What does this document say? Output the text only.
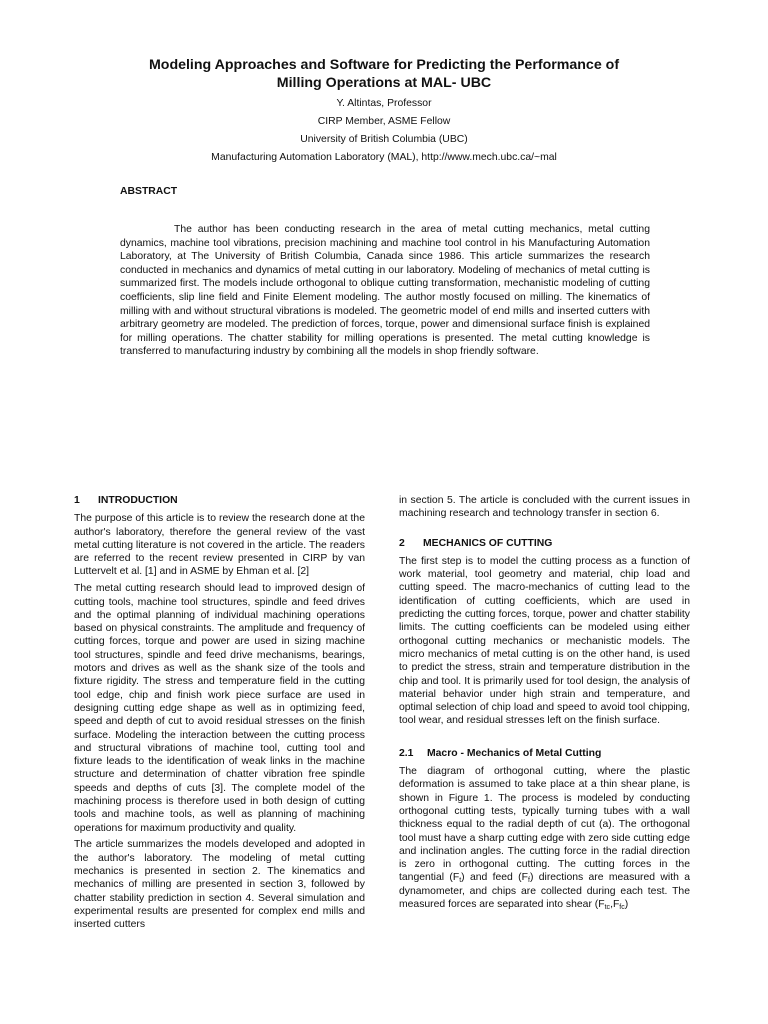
Modeling Approaches and Software for Predicting the Performance of
Milling Operations at MAL- UBC

Y. Altintas, Professor

CIRP Member, ASME Fellow

University of British Columbia (UBC)

Manufacturing Automation Laboratory (MAL), http://www.mech.ubc.ca/~mal

ABSTRACT

The author has been conducting research in the area of metal cutting mechanics, metal cutting dynamics, machine tool vibrations, precision machining and machine tool control in his Manufacturing Automation Laboratory, at The University of British Columbia, Canada since 1986. This article summarizes the research conducted in mechanics and dynamics of metal cutting in our laboratory. Modeling of mechanics of metal cutting is summarized first. The models include orthogonal to oblique cutting transformation, mechanistic modeling of cutting coefficients, slip line field and Finite Element modeling. The author mostly focused on milling. The kinematics of milling with and without structural vibrations is modeled. The geometric model of end mills and inserted cutters with arbitrary geometry are modeled. The prediction of forces, torque, power and dimensional surface finish is explained for milling operations. The chatter stability for milling operations is presented. The metal cutting knowledge is transferred to manufacturing industry by combining all the models in shop friendly software.

1 INTRODUCTION

The purpose of this article is to review the research done at the author's laboratory, therefore the general review of the vast metal cutting literature is not covered in the article. The readers are referred to the recent review presented in CIRP by van Luttervelt et al. [1] and in ASME by Ehman et al. [2]

The metal cutting research should lead to improved design of cutting tools, machine tool structures, spindle and feed drives and the optimal planning of individual machining operations based on physical constraints. The amplitude and frequency of cutting forces, torque and power are used in sizing machine tool structures, spindle and feed drive mechanisms, bearings, motors and drives as well as the shank size of the tools and fixture rigidity. The stress and temperature field in the cutting tool edge, chip and finish work piece surface are used in designing cutting edge shape as well as in optimizing feed, speed and depth of cut to avoid residual stresses on the finish surface. Modeling the interaction between the cutting process and structural vibrations of machine tool, cutting tool and fixture leads to the identification of weak links in the machine structure and determination of chatter vibration free spindle speeds and depths of cuts [3]. The complete model of the machining process is therefore used in both design of cutting tools and machine tools, as well as planning of machining operations for maximum productivity and quality.

The article summarizes the models developed and adopted in the author's laboratory. The modeling of metal cutting mechanics is presented in section 2. The kinematics and mechanics of milling are presented in section 3, followed by chatter stability prediction in section 4. Several simulation and experimental results are presented for complex end mills and inserted cutters

in section 5. The article is concluded with the current issues in machining research and technology transfer in section 6.

2 MECHANICS OF CUTTING

The first step is to model the cutting process as a function of work material, tool geometry and material, chip load and cutting speed. The macro-mechanics of cutting lead to the identification of cutting coefficients, which are used in predicting the cutting forces, torque, power and chatter stability limits. The cutting coefficients can be modeled using either orthogonal cutting mechanics or mechanistic models. The micro mechanics of metal cutting is on the other hand, is used to predict the stress, strain and temperature distribution in the chip and tool. It is primarily used for tool design, the analysis of material behavior under high strain and temperature, and optimal selection of chip load and speed to avoid tool chipping, tool wear, and residual stresses left on the finish surface.

2.1 Macro - Mechanics of Metal Cutting

The diagram of orthogonal cutting, where the plastic deformation is assumed to take place at a thin shear plane, is shown in Figure 1. The process is modeled by conducting orthogonal cutting tests, typically turning tubes with a wall thickness equal to the radial depth of cut (a). The orthogonal tool must have a sharp cutting edge with zero side cutting edge and inclination angles. The cutting force in the radial direction is zero in orthogonal cutting. The cutting forces in the tangential $(F_t)$ and feed $(F_f)$ directions are measured with a dynamometer, and chips are collected during each test. The measured forces are separated into shear $(F_{tc},F_{fc})$
